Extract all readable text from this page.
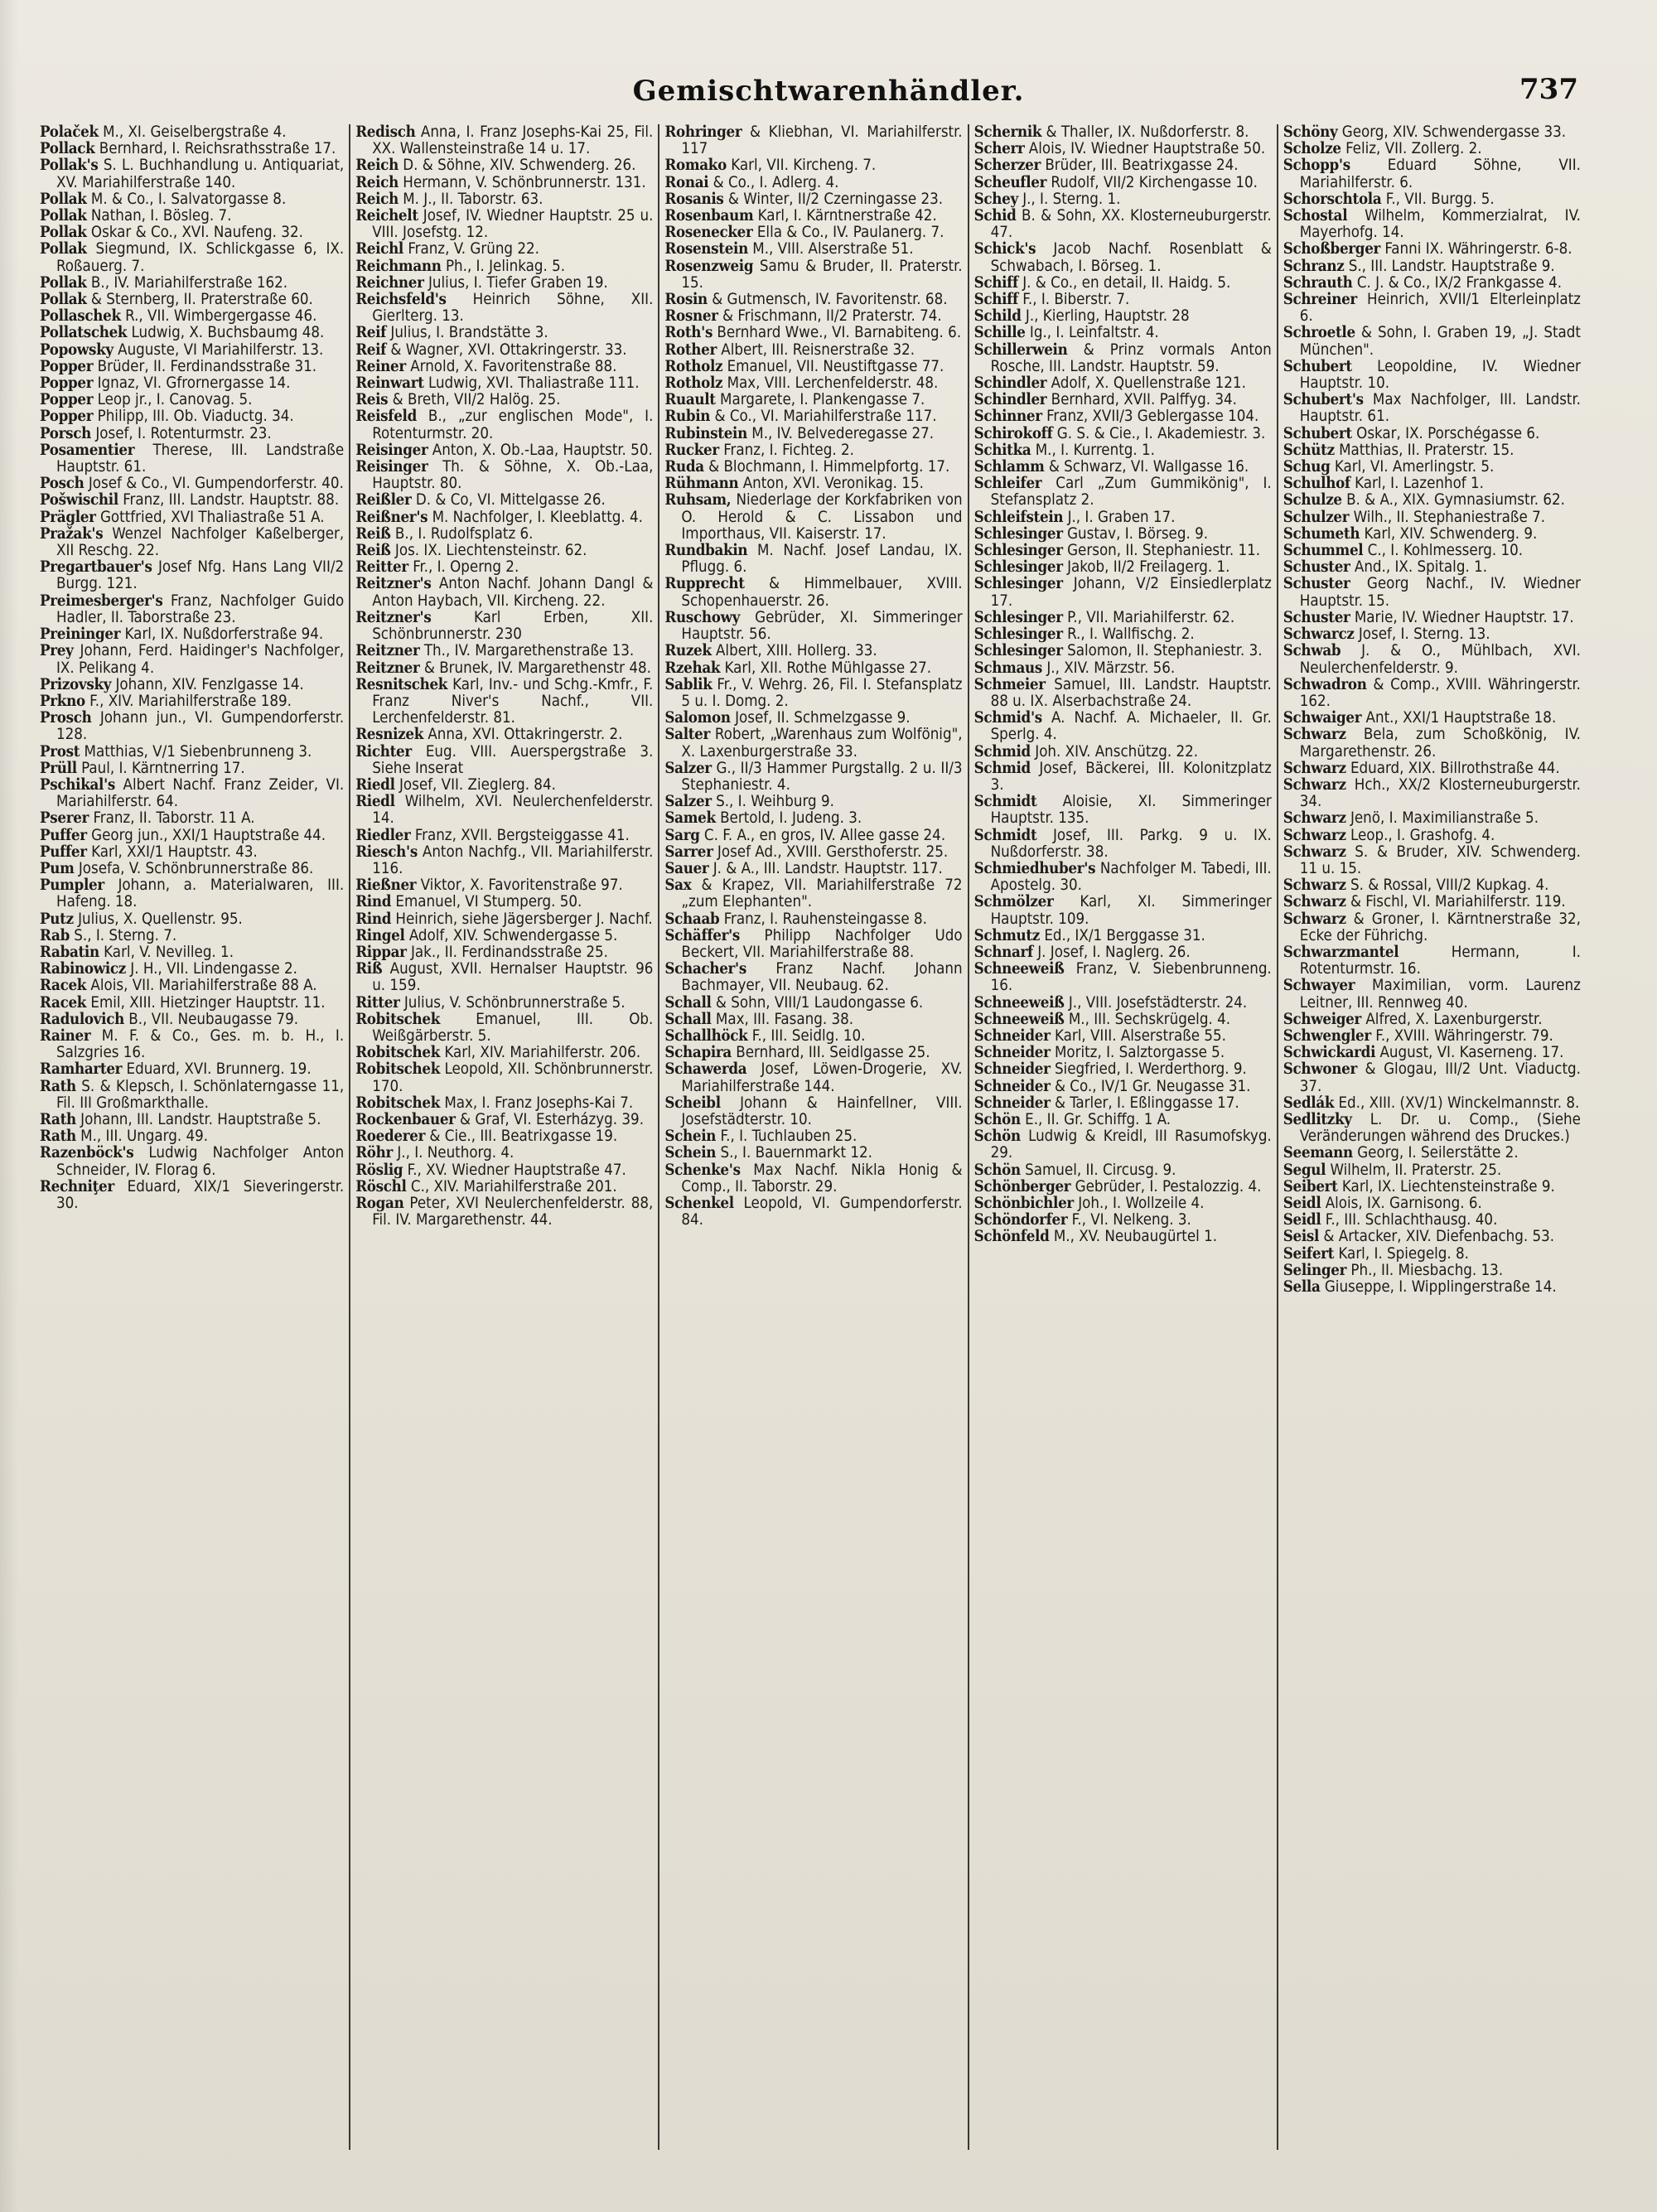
Gemischtwarenhändler.	737

Polaček M., XI. Geiselbergstraße 4.

Pollack Bernhard, I. Reichsrathsstraße 17.

Pollak's S. L. Buchhandlung u. Antiquariat, XV. Mariahilferstraße 140.

Pollak M. & Co., I. Salvatorgasse 8.

Pollak Nathan, I. Bösleg. 7.

Pollak Oskar & Co., XVI. Naufeng. 32.

Pollak Siegmund, IX. Schlickgasse 6, IX. Roßauerg. 7.

Pollak B., IV. Mariahilferstraße 162.

Pollak & Sternberg, II. Praterstraße 60.

Pollaschek R., VII. Wimbergergasse 46.

Pollatschek Ludwig, X. Buchsbaumg 48.

Popowsky Auguste, VI Mariahilferstr. 13.

Popper Brüder, II. Ferdinandsstraße 31.

Popper Ignaz, VI. Gfrornergasse 14.

Popper Leop jr., I. Canovag. 5.

Popper Philipp, III. Ob. Viaductg. 34.

Porsch Josef, I. Rotenturmstr. 23.

Posamentier Therese, III. Landstraße Hauptstr. 61.

Posch Josef & Co., VI. Gumpendorferstr. 40.

Pošwischil Franz, III. Landstr. Hauptstr. 88.

Prägler Gottfried, XVI Thaliastraße 51 A.

Pražak's Wenzel Nachfolger Kaßelberger, XII Reschg. 22.

Pregartbauer's Josef Nfg. Hans Lang VII/2 Burgg. 121.

Preimesberger's Franz, Nachfolger Guido Hadler, II. Taborstraße 23.

Preininger Karl, IX. Nußdorferstraße 94.

Prey Johann, Ferd. Haidinger's Nachfolger, IX. Pelikang 4.

Prizovsky Johann, XIV. Fenzlgasse 14.

Prkno F., XIV. Mariahilferstraße 189.

Prosch Johann jun., VI. Gumpendorferstr. 128.

Prost Matthias, V/1 Siebenbrunneng 3.

Prüll Paul, I. Kärntnerring 17.

Pschikal's Albert Nachf. Franz Zeider, VI. Mariahilferstr. 64.

Pserer Franz, II. Taborstr. 11 A.

Puffer Georg jun., XXI/1 Hauptstraße 44.

Puffer Karl, XXI/1 Hauptstr. 43.

Pum Josefa, V. Schönbrunnerstraße 86.

Pumpler Johann, a. Materialwaren, III. Hafeng. 18.

Putz Julius, X. Quellenstr. 95.

Rab S., I. Sterng. 7.

Rabatin Karl, V. Nevilleg. 1.

Rabinowicz J. H., VII. Lindengasse 2.

Racek Alois, VII. Mariahilferstraße 88 A.

Racek Emil, XIII. Hietzinger Hauptstr. 11.

Radulovich B., VII. Neubaugasse 79.

Rainer M. F. & Co., Ges. m. b. H., I. Salzgries 16.

Ramharter Eduard, XVI. Brunnerg. 19.

Rath S. & Klepsch, I. Schönlaterngasse 11, Fil. III Großmarkthalle.

Rath Johann, III. Landstr. Hauptstraße 5.

Rath M., III. Ungarg. 49.

Razenböck's Ludwig Nachfolger Anton Schneider, IV. Florag 6.

Rechniţer Eduard, XIX/1 Sieveringerstr. 30.

Redisch Anna, I. Franz Josephs-Kai 25, Fil. XX. Wallensteinstraße 14 u. 17.

Reich D. & Söhne, XIV. Schwenderg. 26.

Reich Hermann, V. Schönbrunnerstr. 131.

Reich M. J., II. Taborstr. 63.

Reichelt Josef, IV. Wiedner Hauptstr. 25 u. VIII. Josefstg. 12.

Reichl Franz, V. Grüng 22.

Reichmann Ph., I. Jelinkag. 5.

Reichner Julius, I. Tiefer Graben 19.

Reichsfeld's Heinrich Söhne, XII. Gierlterg. 13.

Reif Julius, I. Brandstätte 3.

Reif & Wagner, XVI. Ottakringerstr. 33.

Reiner Arnold, X. Favoritenstraße 88.

Reinwart Ludwig, XVI. Thaliastraße 111.

Reis & Breth, VII/2 Halög. 25.

Reisfeld B., „zur englischen Mode", I. Rotenturmstr. 20.

Reisinger Anton, X. Ob.-Laa, Hauptstr. 50.

Reisinger Th. & Söhne, X. Ob.-Laa, Hauptstr. 80.

Reißler D. & Co, VI. Mittelgasse 26.

Reißner's M. Nachfolger, I. Kleeblattg. 4.

Reiß B., I. Rudolfsplatz 6.

Reiß Jos. IX. Liechtensteinstr. 62.

Reitter Fr., I. Operng 2.

Reitzner's Anton Nachf. Johann Dangl & Anton Haybach, VII. Kircheng. 22.

Reitzner's	Karl Erben, XII. Schönbrunnerstr. 230

Reitzner Th., IV. Margarethenstraße 13.

Reitzner & Brunek, IV. Margarethenstr 48.

Resnitschek Karl, Inv.- und Schg.-Kmfr., F. Franz Niver's Nachf., VII. Lerchenfelderstr. 81.

Resnizek Anna, XVI. Ottakringerstr. 2.

Richter Eug. VIII. Auerspergstraße 3. Siehe Inserat

Riedl Josef, VII. Zieglerg. 84.

Riedl Wilhelm, XVI. Neulerchenfelderstr. 14.

Riedler Franz, XVII. Bergsteiggasse 41.

Riesch's Anton Nachfg., VII. Mariahilferstr. 116.

Rießner Viktor, X. Favoritenstraße 97.

Rind Emanuel, VI Stumperg. 50.

Rind Heinrich, siehe Jägersberger J. Nachf.

Ringel Adolf, XIV. Schwendergasse 5.

Rippar Jak., II. Ferdinandsstraße 25.

Riß August, XVII. Hernalser Hauptstr. 96 u. 159.

Ritter Julius, V. Schönbrunnerstraße 5.

Robitschek Emanuel, III. Ob. Weißgärberstr. 5.

Robitschek Karl, XIV. Mariahilferstr. 206.

Robitschek Leopold, XII. Schönbrunnerstr. 170.

Robitschek Max, I. Franz Josephs-Kai 7.

Rockenbauer & Graf, VI. Esterházyg. 39.

Roederer & Cie., III. Beatrixgasse 19.

Röhr J., I. Neuthorg. 4.

Röslig F., XV. Wiedner Hauptstraße 47.

Röschl C., XIV. Mariahilferstraße 201.

Rogan Peter, XVI Neulerchenfelderstr. 88, Fil. IV. Margarethenstr. 44.

Rohringer & Kliebhan, VI. Mariahilferstr. 117

Romako Karl, VII. Kircheng. 7.

Ronai & Co., I. Adlerg. 4.

Rosanis & Winter, II/2 Czerningasse 23.

Rosenbaum Karl, I. Kärntnerstraße 42.

Rosenecker Ella & Co., IV. Paulanerg. 7.

Rosenstein M., VIII. Alserstraße 51.

Rosenzweig Samu & Bruder, II. Praterstr. 15.

Rosin & Gutmensch, IV. Favoritenstr. 68.

Rosner & Frischmann, II/2 Praterstr. 74.

Roth's Bernhard Wwe., VI. Barnabiteng. 6.

Rother Albert, III. Reisnerstraße 32.

Rotholz Emanuel, VII. Neustiftgasse 77.

Rotholz Max, VIII. Lerchenfelderstr. 48.

Ruault Margarete, I. Plankengasse 7.

Rubin & Co., VI. Mariahilferstraße 117.

Rubinstein M., IV. Belvederegasse 27.

Rucker Franz, I. Fichteg. 2.

Ruda & Blochmann, I. Himmelpfortg. 17.

Rühmann Anton, XVI. Veronikag. 15.

Ruhsam, Niederlage der Korkfabriken von O. Herold & C. Lissabon und Importhaus, VII. Kaiserstr. 17.

Rundbakin M. Nachf. Josef Landau, IX. Pflugg. 6.

Rupprecht & Himmelbauer, XVIII. Schopenhauerstr. 26.

Ruschowy Gebrüder, XI. Simmeringer Hauptstr. 56.

Ruzek Albert, XIII. Hollerg. 33.

Rzehak Karl, XII. Rothe Mühlgasse 27.

Sablik Fr., V. Wehrg. 26, Fil. I. Stefansplatz 5 u. I. Domg. 2.

Salomon Josef, II. Schmelzgasse 9.

Salter Robert, „Warenhaus zum Wolfönig", X. Laxenburgerstraße 33.

Salzer G., II/3 Hammer Purgstallg. 2 u. II/3 Stephaniestr. 4.

Salzer S., I. Weihburg 9.

Samek Bertold, I. Judeng. 3.

Sarg C. F. A., en gros, IV. Allee gasse 24.

Sarrer Josef Ad., XVIII. Gersthoferstr. 25.

Sauer J. & A., III. Landstr. Hauptstr. 117.

Sax & Krapez, VII. Mariahilferstraße 72 „zum Elephanten".

Schaab Franz, I. Rauhensteingasse 8.

Schäffer's Philipp Nachfolger Udo Beckert, VII. Mariahilferstraße 88.

Schacher's Franz Nachf. Johann Bachmayer, VII. Neubaug. 62.

Schall & Sohn, VIII/1 Laudongasse 6.

Schall Max, III. Fasang. 38.

Schallhöck F., III. Seidlg. 10.

Schapira Bernhard, III. Seidlgasse 25.

Schawerda Josef, Löwen-Drogerie, XV. Mariahilferstraße 144.

Scheibl Johann & Hainfellner, VIII. Josefstädterstr. 10.

Schein F., I. Tuchlauben 25.

Schein S., I. Bauernmarkt 12.

Schenke's Max Nachf. Nikla Honig & Comp., II. Taborstr. 29.

Schenkel Leopold, VI. Gumpendorferstr. 84.

Schernik & Thaller, IX. Nußdorferstr. 8.

Scherr Alois, IV. Wiedner Hauptstraße 50.

Scherzer Brüder, III. Beatrixgasse 24.

Scheufler Rudolf, VII/2 Kirchengasse 10.

Schey J., I. Sterng. 1.

Schid B. & Sohn, XX. Klosterneuburgerstr. 47.

Schick's Jacob Nachf. Rosenblatt & Schwabach, I. Börseg. 1.

Schiff J. & Co., en detail, II. Haidg. 5.

Schiff F., I. Biberstr. 7.

Schild J., Kierling, Hauptstr. 28

Schille Ig., I. Leinfaltstr. 4.

Schillerwein & Prinz vormals Anton Rosche, III. Landstr. Hauptstr. 59.

Schindler Adolf, X. Quellenstraße 121.

Schindler Bernhard, XVII. Palffyg. 34.

Schinner Franz, XVII/3 Geblergasse 104.

Schirokoff G. S. & Cie., I. Akademiestr. 3.

Schitka M., I. Kurrentg. 1.

Schlamm & Schwarz, VI. Wallgasse 16.

Schleifer Carl „Zum Gummikönig", I. Stefansplatz 2.

Schleifstein J., I. Graben 17.

Schlesinger Gustav, I. Börseg. 9.

Schlesinger Gerson, II. Stephaniestr. 11.

Schlesinger Jakob, II/2 Freilagerg. 1.

Schlesinger Johann, V/2 Einsiedlerplatz 17.

Schlesinger P., VII. Mariahilferstr. 62.

Schlesinger R., I. Wallfischg. 2.

Schlesinger Salomon, II. Stephaniestr. 3.

Schmaus J., XIV. Märzstr. 56.

Schmeier Samuel, III. Landstr. Hauptstr. 88 u. IX. Alserbachstraße 24.

Schmid's A. Nachf. A. Michaeler, II. Gr. Sperlg. 4.

Schmid Joh. XIV. Anschützg. 22.

Schmid Josef, Bäckerei, III. Kolonitzplatz 3.

Schmidt Aloisie, XI. Simmeringer Hauptstr. 135.

Schmidt Josef, III. Parkg. 9 u. IX. Nußdorferstr. 38.

Schmiedhuber's Nachfolger M. Tabedi, III. Apostelg. 30.

Schmölzer Karl, XI. Simmeringer Hauptstr. 109.

Schmutz Ed., IX/1 Berggasse 31.

Schnarf J. Josef, I. Naglerg. 26.

Schneeweiß Franz, V. Siebenbrunneng. 16.

Schneeweiß J., VIII. Josefstädterstr. 24.

Schneeweiß M., III. Sechskrügelg. 4.

Schneider Karl, VIII. Alserstraße 55.

Schneider Moritz, I. Salztorgasse 5.

Schneider Siegfried, I. Werderthorg. 9.

Schneider & Co., IV/1 Gr. Neugasse 31.

Schneider & Tarler, I. Eßlinggasse 17.

Schön E., II. Gr. Schiffg. 1 A.

Schön Ludwig & Kreidl, III Rasumofskyg. 29.

Schön Samuel, II. Circusg. 9.

Schönberger Gebrüder, I. Pestalozzig. 4.

Schönbichler Joh., I. Wollzeile 4.

Schöndorfer F., VI. Nelkeng. 3.

Schönfeld M., XV. Neubaugürtel 1.

Schöny Georg, XIV. Schwendergasse 33.

Scholze Feliz, VII. Zollerg. 2.

Schopp's Eduard Söhne, VII. Mariahilferstr. 6.

Schorschtola F., VII. Burgg. 5.

Schostal Wilhelm, Kommerzialrat, IV. Mayerhofg. 14.

Schoßberger Fanni IX. Währingerstr. 6-8.

Schranz S., III. Landstr. Hauptstraße 9.

Schrauth C. J. & Co., IX/2 Frankgasse 4.

Schreiner Heinrich, XVII/1 Elterleinplatz 6.

Schroetle & Sohn, I. Graben 19, „J. Stadt München".

Schubert Leopoldine, IV. Wiedner Hauptstr. 10.

Schubert's Max Nachfolger, III. Landstr. Hauptstr. 61.

Schubert Oskar, IX. Porschégasse 6.

Schütz Matthias, II. Praterstr. 15.

Schug Karl, VI. Amerlingstr. 5.

Schulhof Karl, I. Lazenhof 1.

Schulze B. & A., XIX. Gymnasiumstr. 62.

Schulzer Wilh., II. Stephaniestraße 7.

Schumeth Karl, XIV. Schwenderg. 9.

Schummel C., I. Kohlmesserg. 10.

Schuster And., IX. Spitalg. 1.

Schuster Georg Nachf., IV. Wiedner Hauptstr. 15.

Schuster Marie, IV. Wiedner Hauptstr. 17.

Schwarcz Josef, I. Sterng. 13.

Schwab J. & O., Mühlbach, XVI. Neulerchenfelderstr. 9.

Schwadron & Comp., XVIII. Währingerstr. 162.

Schwaiger Ant., XXI/1 Hauptstraße 18.

Schwarz Bela, zum Schoßkönig, IV. Margarethenstr. 26.

Schwarz Eduard, XIX. Billrothstraße 44.

Schwarz Hch., XX/2 Klosterneuburgerstr. 34.

Schwarz Jenö, I. Maximilianstraße 5.

Schwarz Leop., I. Grashofg. 4.

Schwarz S. & Bruder, XIV. Schwenderg. 11 u. 15.

Schwarz S. & Rossal, VIII/2 Kupkag. 4.

Schwarz & Fischl, VI. Mariahilferstr. 119.

Schwarz & Groner, I. Kärntnerstraße 32, Ecke der Führichg.

Schwarzmantel	Hermann, I. Rotenturmstr. 16.

Schwayer Maximilian, vorm. Laurenz Leitner, III. Rennweg 40.

Schweiger Alfred, X. Laxenburgerstr.

Schwengler F., XVIII. Währingerstr. 79.

Schwickardi August, VI. Kaserneng. 17.

Schwoner & Glogau, III/2 Unt. Viaductg. 37.

Sedlák Ed., XIII. (XV/1) Winckelmannstr. 8.

Sedlitzky L. Dr. u. Comp., (Siehe Veränderungen während des Druckes.)

Seemann Georg, I. Seilerstätte 2.

Segul Wilhelm, II. Praterstr. 25.

Seibert Karl, IX. Liechtensteinstraße 9.

Seidl Alois, IX. Garnisong. 6.

Seidl F., III. Schlachthausg. 40.

Seisl & Artacker, XIV. Diefenbachg. 53.

Seifert Karl, I. Spiegelg. 8.

Selinger Ph., II. Miesbachg. 13.

Sella Giuseppe, I. Wipplingerstraße 14.
